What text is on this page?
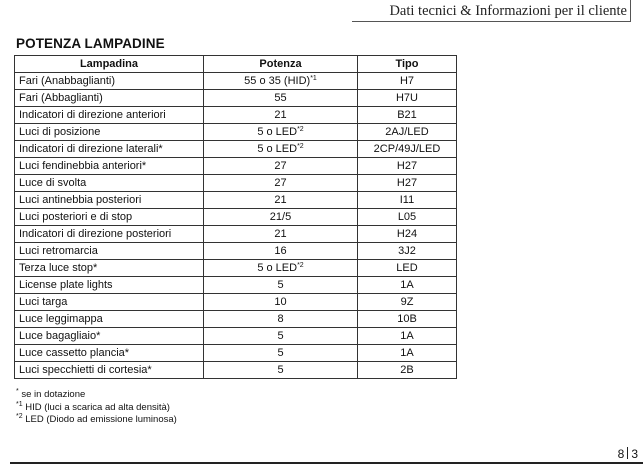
Dati tecnici & Informazioni per il cliente
POTENZA LAMPADINE
Lampadina	Potenza	Tipo
Fari (Anabbaglianti)	55 o 35 (HID)$^{*1}$	H7
Fari (Abbaglianti)	55	H7U
Indicatori di direzione anteriori	21	B21
Luci di posizione	5 o LED$^{*2}$	2AJ/LED
Indicatori di direzione laterali*	5 o LED$^{*2}$	2CP/49J/LED
Luci fendinebbia anteriori*	27	H27
Luce di svolta	27	H27
Luci antinebbia posteriori	21	I11
Luci posteriori e di stop	21/5	L05
Indicatori di direzione posteriori	21	H24
Luci retromarcia	16	3J2
Terza luce stop*	5 o LED$^{*2}$	LED
License plate lights	5	1A
Luci targa	10	9Z
Luce leggimappa	8	10B
Luce bagagliaio*	5	1A
Luce cassetto plancia*	5	1A
Luci specchietti di cortesia*	5	2B
* se in dotazione
$^{*1}$ HID (luci a scarica ad alta densità)
$^{*2}$ LED (Diodo ad emissione luminosa)
8 3
